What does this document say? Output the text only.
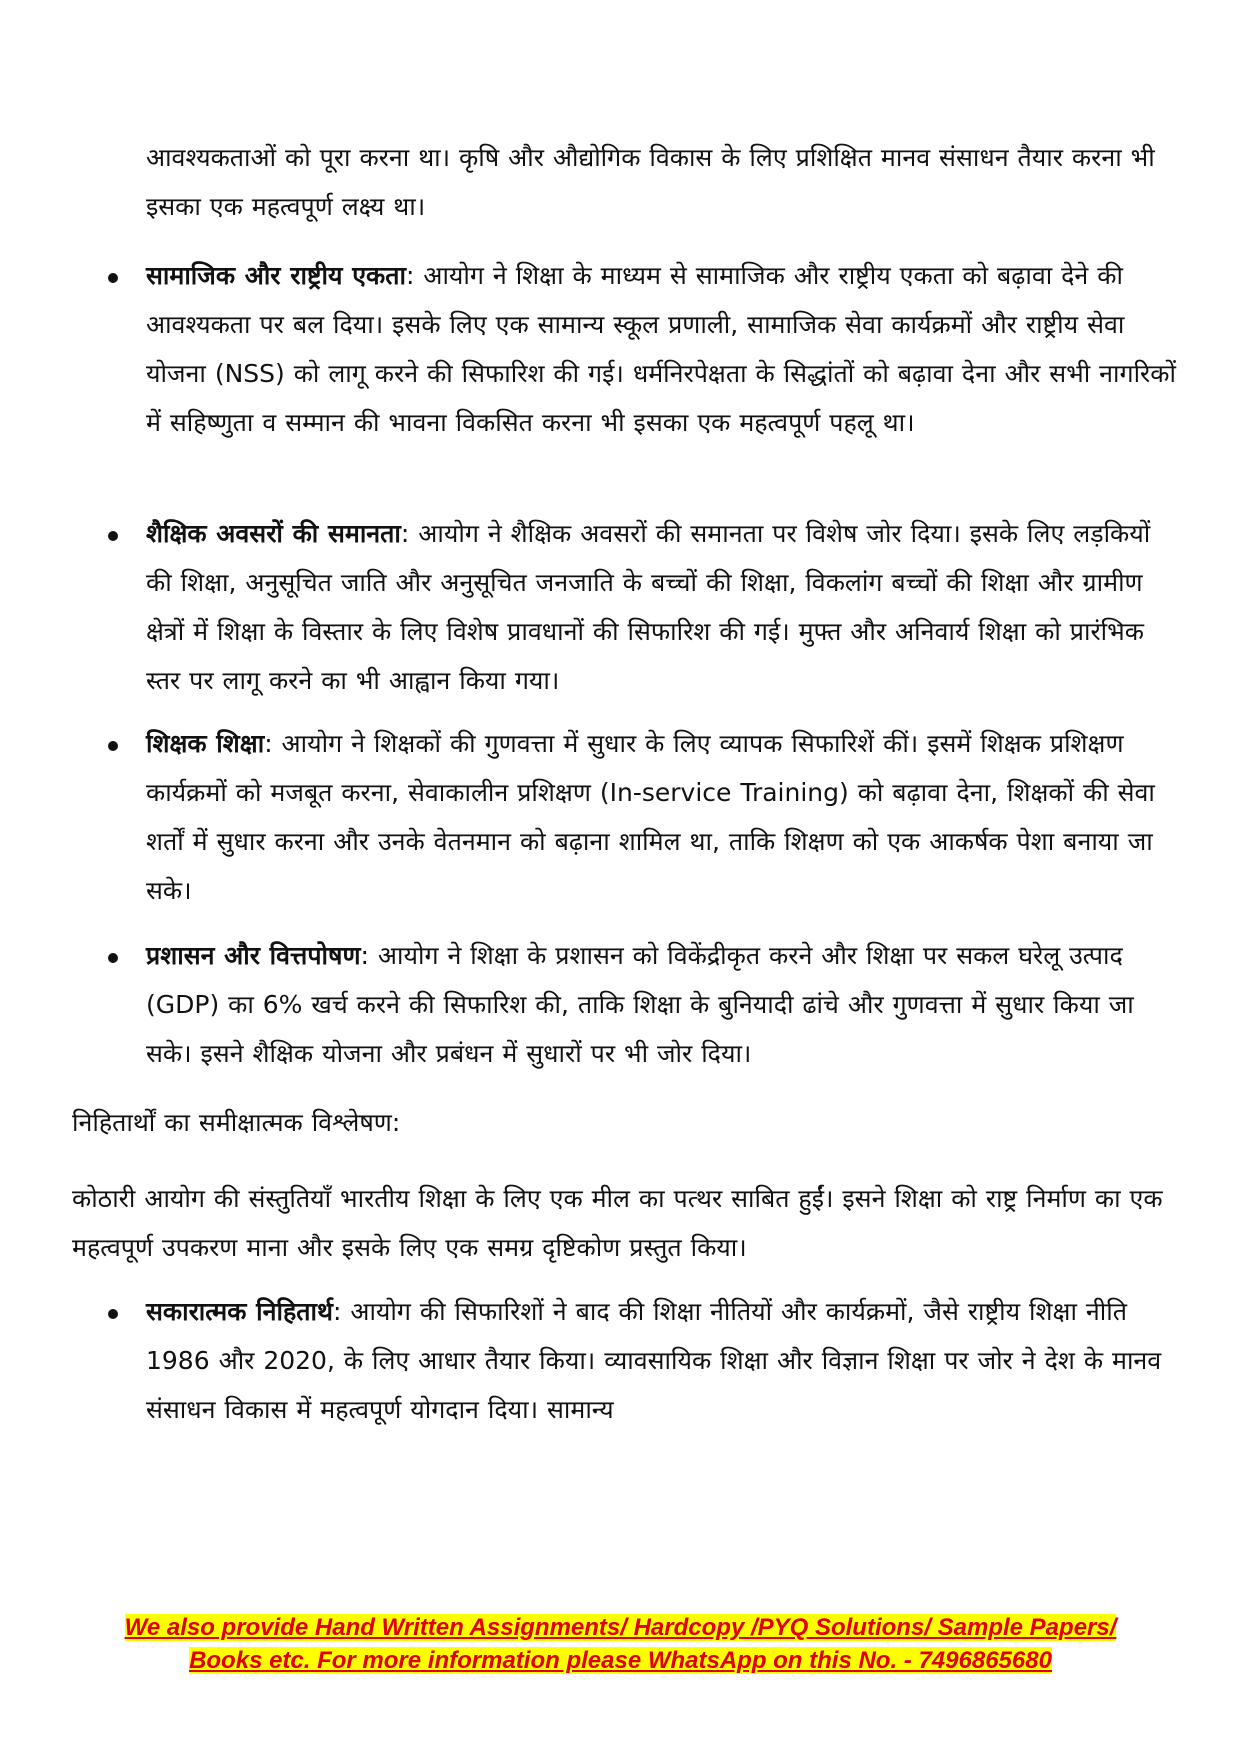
आवश्यकताओं को पूरा करना था। कृषि और औद्योगिक विकास के लिए प्रशिक्षित मानव संसाधन तैयार करना भी इसका एक महत्वपूर्ण लक्ष्य था।

सामाजिक और राष्ट्रीय एकता: आयोग ने शिक्षा के माध्यम से सामाजिक और राष्ट्रीय एकता को बढ़ावा देने की आवश्यकता पर बल दिया। इसके लिए एक सामान्य स्कूल प्रणाली, सामाजिक सेवा कार्यक्रमों और राष्ट्रीय सेवा योजना (NSS) को लागू करने की सिफारिश की गई। धर्मनिरपेक्षता के सिद्धांतों को बढ़ावा देना और सभी नागरिकों में सहिष्णुता व सम्मान की भावना विकसित करना भी इसका एक महत्वपूर्ण पहलू था।

शैक्षिक अवसरों की समानता: आयोग ने शैक्षिक अवसरों की समानता पर विशेष जोर दिया। इसके लिए लड़कियों की शिक्षा, अनुसूचित जाति और अनुसूचित जनजाति के बच्चों की शिक्षा, विकलांग बच्चों की शिक्षा और ग्रामीण क्षेत्रों में शिक्षा के विस्तार के लिए विशेष प्रावधानों की सिफारिश की गई। मुफ्त और अनिवार्य शिक्षा को प्रारंभिक स्तर पर लागू करने का भी आह्वान किया गया।

शिक्षक शिक्षा: आयोग ने शिक्षकों की गुणवत्ता में सुधार के लिए व्यापक सिफारिशें कीं। इसमें शिक्षक प्रशिक्षण कार्यक्रमों को मजबूत करना, सेवाकालीन प्रशिक्षण (In-service Training) को बढ़ावा देना, शिक्षकों की सेवा शर्तों में सुधार करना और उनके वेतनमान को बढ़ाना शामिल था, ताकि शिक्षण को एक आकर्षक पेशा बनाया जा सके।

प्रशासन और वित्तपोषण: आयोग ने शिक्षा के प्रशासन को विकेंद्रीकृत करने और शिक्षा पर सकल घरेलू उत्पाद (GDP) का 6% खर्च करने की सिफारिश की, ताकि शिक्षा के बुनियादी ढांचे और गुणवत्ता में सुधार किया जा सके। इसने शैक्षिक योजना और प्रबंधन में सुधारों पर भी जोर दिया।

निहितार्थों का समीक्षात्मक विश्लेषण:

कोठारी आयोग की संस्तुतियाँ भारतीय शिक्षा के लिए एक मील का पत्थर साबित हुईं। इसने शिक्षा को राष्ट्र निर्माण का एक महत्वपूर्ण उपकरण माना और इसके लिए एक समग्र दृष्टिकोण प्रस्तुत किया।

सकारात्मक निहितार्थ: आयोग की सिफारिशों ने बाद की शिक्षा नीतियों और कार्यक्रमों, जैसे राष्ट्रीय शिक्षा नीति 1986 और 2020, के लिए आधार तैयार किया। व्यावसायिक शिक्षा और विज्ञान शिक्षा पर जोर ने देश के मानव संसाधन विकास में महत्वपूर्ण योगदान दिया। सामान्य

We also provide Hand Written Assignments/ Hardcopy /PYQ Solutions/ Sample Papers/
Books etc. For more information please WhatsApp on this No. - 7496865680
